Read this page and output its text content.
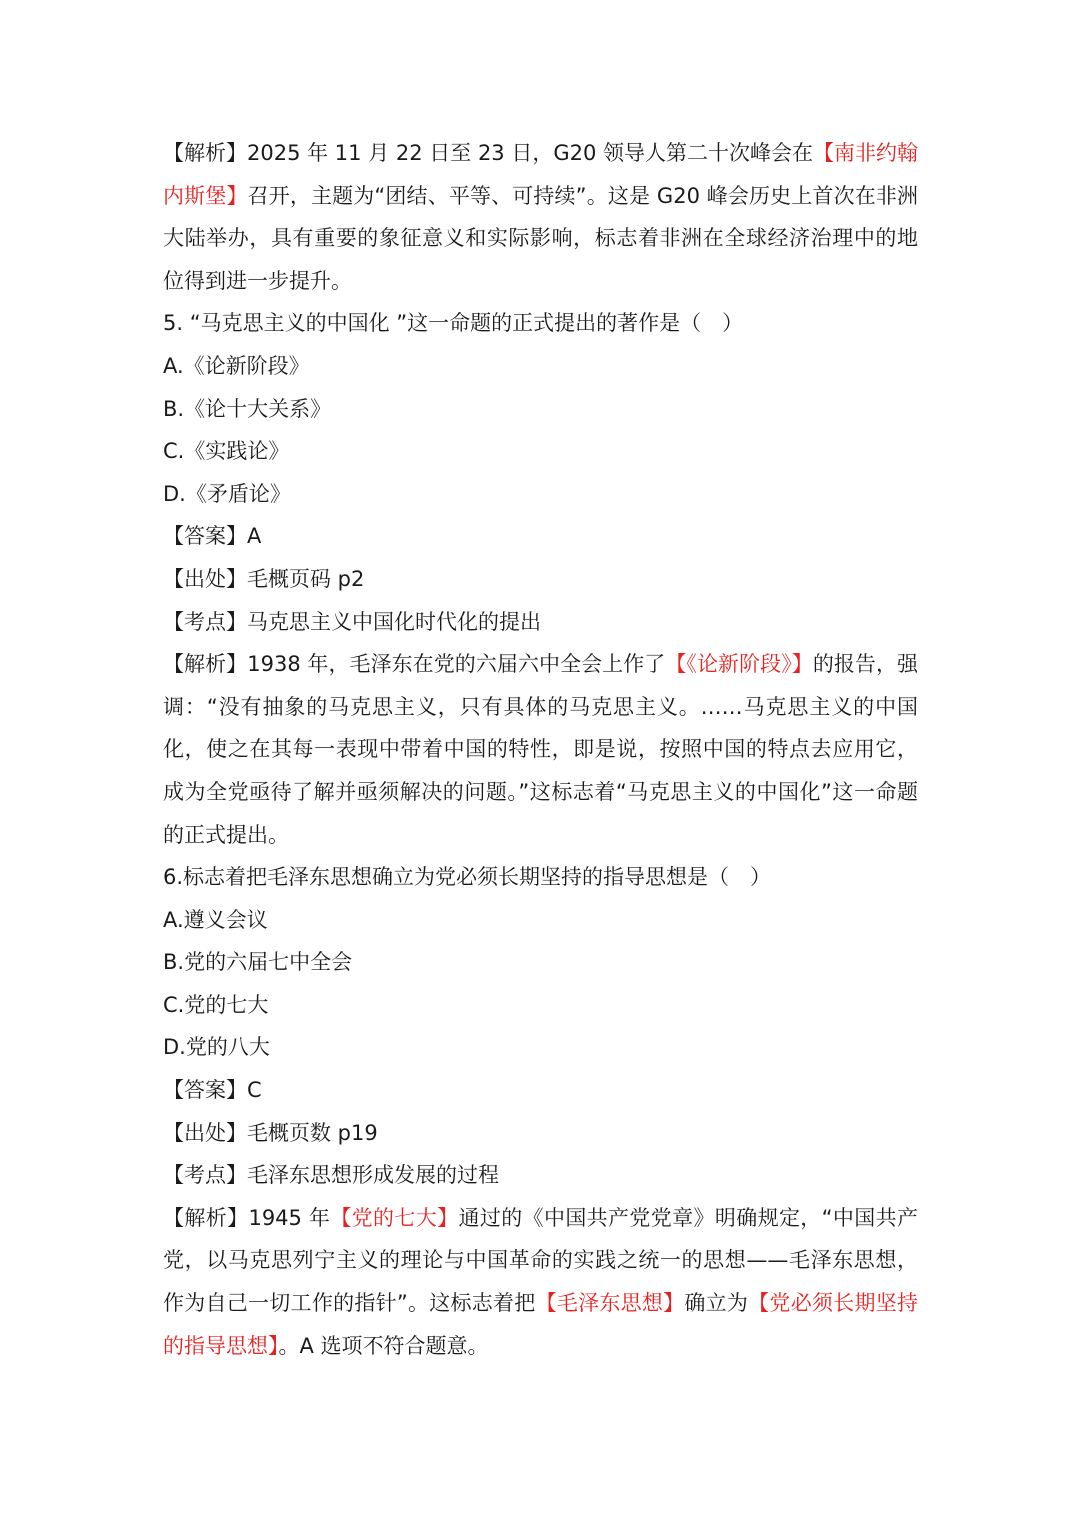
【解析】2025 年 11 月 22 日至 23 日，G20 领导人第二十次峰会在【南非约翰内斯堡】召开，主题为“团结、平等、可持续”。这是 G20 峰会历史上首次在非洲大陆举办，具有重要的象征意义和实际影响，标志着非洲在全球经济治理中的地位得到进一步提升。

5. “马克思主义的中国化 ”这一命题的正式提出的著作是（　）

A.《论新阶段》

B.《论十大关系》

C.《实践论》

D.《矛盾论》

【答案】A

【出处】毛概页码 p2

【考点】马克思主义中国化时代化的提出

【解析】1938 年，毛泽东在党的六届六中全会上作了【《论新阶段》】的报告，强调：“没有抽象的马克思主义，只有具体的马克思主义。……马克思主义的中国化，使之在其每一表现中带着中国的特性，即是说，按照中国的特点去应用它，成为全党亟待了解并亟须解决的问题。”这标志着“马克思主义的中国化”这一命题的正式提出。

6.标志着把毛泽东思想确立为党必须长期坚持的指导思想是（　）

A.遵义会议

B.党的六届七中全会

C.党的七大

D.党的八大

【答案】C

【出处】毛概页数 p19

【考点】毛泽东思想形成发展的过程

【解析】1945 年【党的七大】通过的《中国共产党党章》明确规定，“中国共产党，以马克思列宁主义的理论与中国革命的实践之统一的思想——毛泽东思想，作为自己一切工作的指针”。这标志着把【毛泽东思想】确立为【党必须长期坚持的指导思想】。A 选项不符合题意。
